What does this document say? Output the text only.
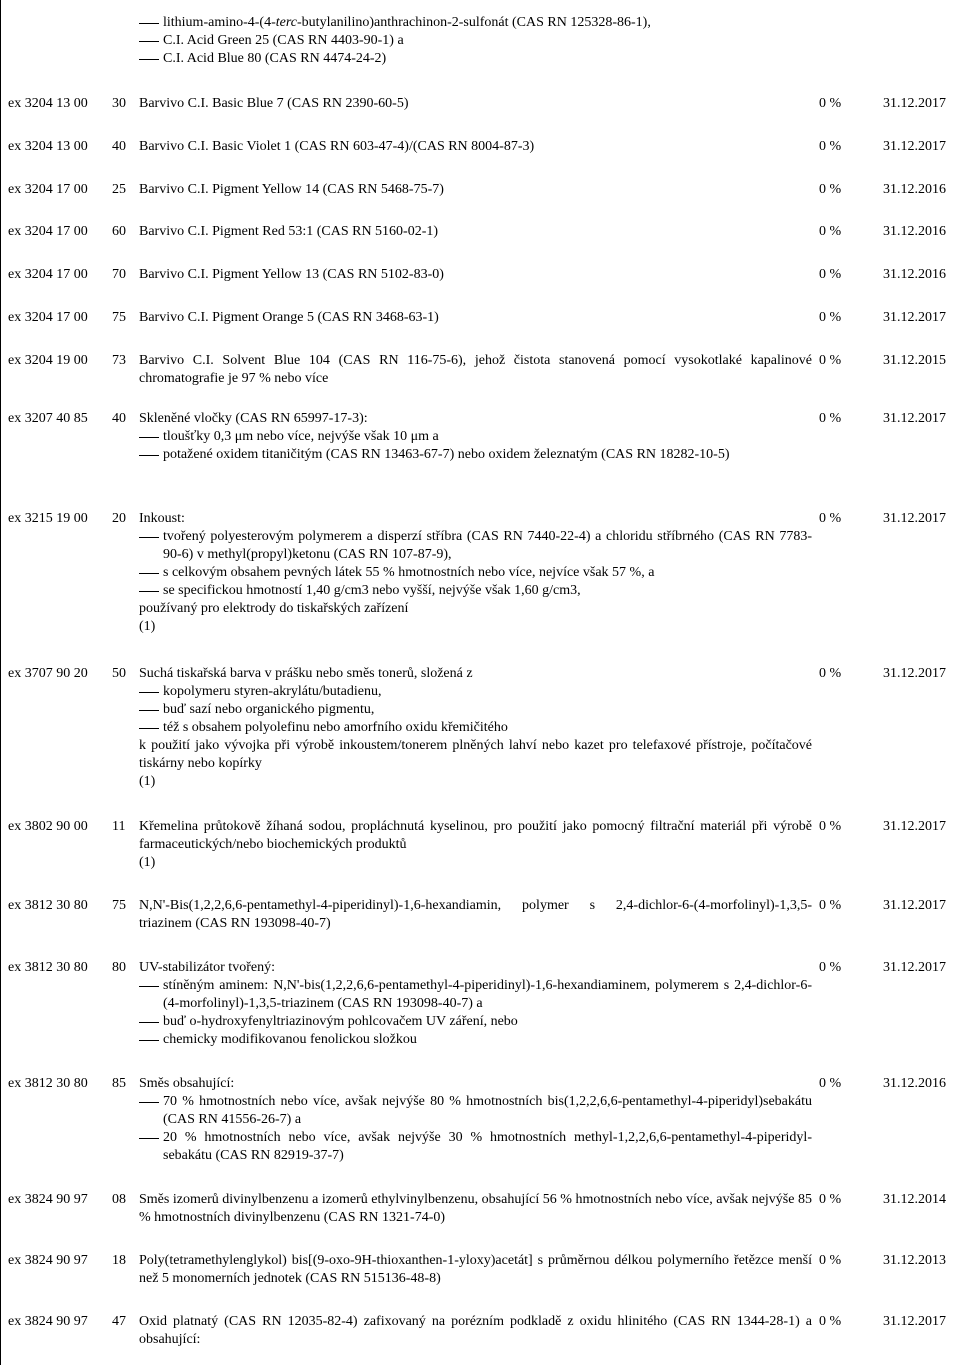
lithium-amino-4-(4-terc-butylanilino)anthrachinon-2-sulfonát (CAS RN 125328-86-1),
C.I. Acid Green 25 (CAS RN 4403-90-1) a
C.I. Acid Blue 80 (CAS RN 4474-24-2)
ex 3204 13 00	30 Barvivo C.I. Basic Blue 7 (CAS RN 2390-60-5)	0 %	31.12.2017
ex 3204 13 00	40 Barvivo C.I. Basic Violet 1 (CAS RN 603-47-4)/(CAS RN 8004-87-3)	0 %	31.12.2017
ex 3204 17 00	25 Barvivo C.I. Pigment Yellow 14 (CAS RN 5468-75-7)	0 %	31.12.2016
ex 3204 17 00	60 Barvivo C.I. Pigment Red 53:1 (CAS RN 5160-02-1)	0 %	31.12.2016
ex 3204 17 00	70 Barvivo C.I. Pigment Yellow 13 (CAS RN 5102-83-0)	0 %	31.12.2016
ex 3204 17 00	75 Barvivo C.I. Pigment Orange 5 (CAS RN 3468-63-1)	0 %	31.12.2017
ex 3204 19 00	73 Barvivo C.I. Solvent Blue 104 (CAS RN 116-75-6), jehož čistota stanovená pomocí vysokotlaké kapalinové chromatografie je 97 % nebo více
0 %	31.12.2015
ex 3207 40 85	40 Skleněné vločky (CAS RN 65997-17-3):
tloušťky 0,3 μm nebo více, nejvýše však 10 μm a
potažené oxidem titaničitým (CAS RN 13463-67-7) nebo oxidem železnatým (CAS RN 18282-10-5)
0 %	31.12.2017
ex 3215 19 00	20 Inkoust:
tvořený polyesterovým polymerem a disperzí stříbra (CAS RN 7440-22-4) a chloridu stříbrného (CAS RN 7783-90-6) v methyl(propyl)ketonu (CAS RN 107-87-9),
s celkovým obsahem pevných látek 55 % hmotnostních nebo více, nejvíce však 57 %, a
se specifickou hmotností 1,40 g/cm3 nebo vyšší, nejvýše však 1,60 g/cm3,
používaný pro elektrody do tiskařských zařízení
(1)
0 %	31.12.2017
ex 3707 90 20	50 Suchá tiskařská barva v prášku nebo směs tonerů, složená z
kopolymeru styren-akrylátu/butadienu,
buď sazí nebo organického pigmentu,
též s obsahem polyolefinu nebo amorfního oxidu křemičitého
k použití jako vývojka při výrobě inkoustem/tonerem plněných lahví nebo kazet pro telefaxové přístroje, počítačové tiskárny nebo kopírky
(1)
0 %	31.12.2017
ex 3802 90 00	11 Křemelina průtokově žíhaná sodou, propláchnutá kyselinou, pro použití jako pomocný filtrační materiál při výrobě farmaceutických/nebo biochemických produktů
(1)
0 %	31.12.2017
ex 3812 30 80	75 N,N'-Bis(1,2,2,6,6-pentamethyl-4-piperidinyl)-1,6-hexandiamin, polymer s 2,4-dichlor-6-(4-morfolinyl)-1,3,5-triazinem (CAS RN 193098-40-7)
0 %	31.12.2017
ex 3812 30 80	80 UV-stabilizátor tvořený:
stíněným aminem: N,N'-bis(1,2,2,6,6-pentamethyl-4-piperidinyl)-1,6-hexandiaminem, polymerem s 2,4-dichlor-6-(4-morfolinyl)-1,3,5-triazinem (CAS RN 193098-40-7) a
buď o-hydroxyfenyltriazinovým pohlcovačem UV záření, nebo
chemicky modifikovanou fenolickou složkou
0 %	31.12.2017
ex 3812 30 80	85 Směs obsahující:
70 % hmotnostních nebo více, avšak nejvýše 80 % hmotnostních bis(1,2,2,6,6-pentamethyl-4-piperidyl)sebakátu (CAS RN 41556-26-7) a
20 % hmotnostních nebo více, avšak nejvýše 30 % hmotnostních methyl-1,2,2,6,6-pentamethyl-4-piperidyl-sebakátu (CAS RN 82919-37-7)
0 %	31.12.2016
ex 3824 90 97	08 Směs izomerů divinylbenzenu a izomerů ethylvinylbenzenu, obsahující 56 % hmotnostních nebo více, avšak nejvýše 85 % hmotnostních divinylbenzenu (CAS RN 1321-74-0)
0 %	31.12.2014
ex 3824 90 97	18 Poly(tetramethylenglykol) bis[(9-oxo-9H-thioxanthen-1-yloxy)acetát] s průměrnou délkou polymerního řetězce menší než 5 monomerních jednotek (CAS RN 515136-48-8)
0 %	31.12.2013
ex 3824 90 97	47 Oxid platnatý (CAS RN 12035-82-4) zafixovaný na porézním podkladě z oxidu hlinitého (CAS RN 1344-28-1) a obsahující:
0 %	31.12.2017
